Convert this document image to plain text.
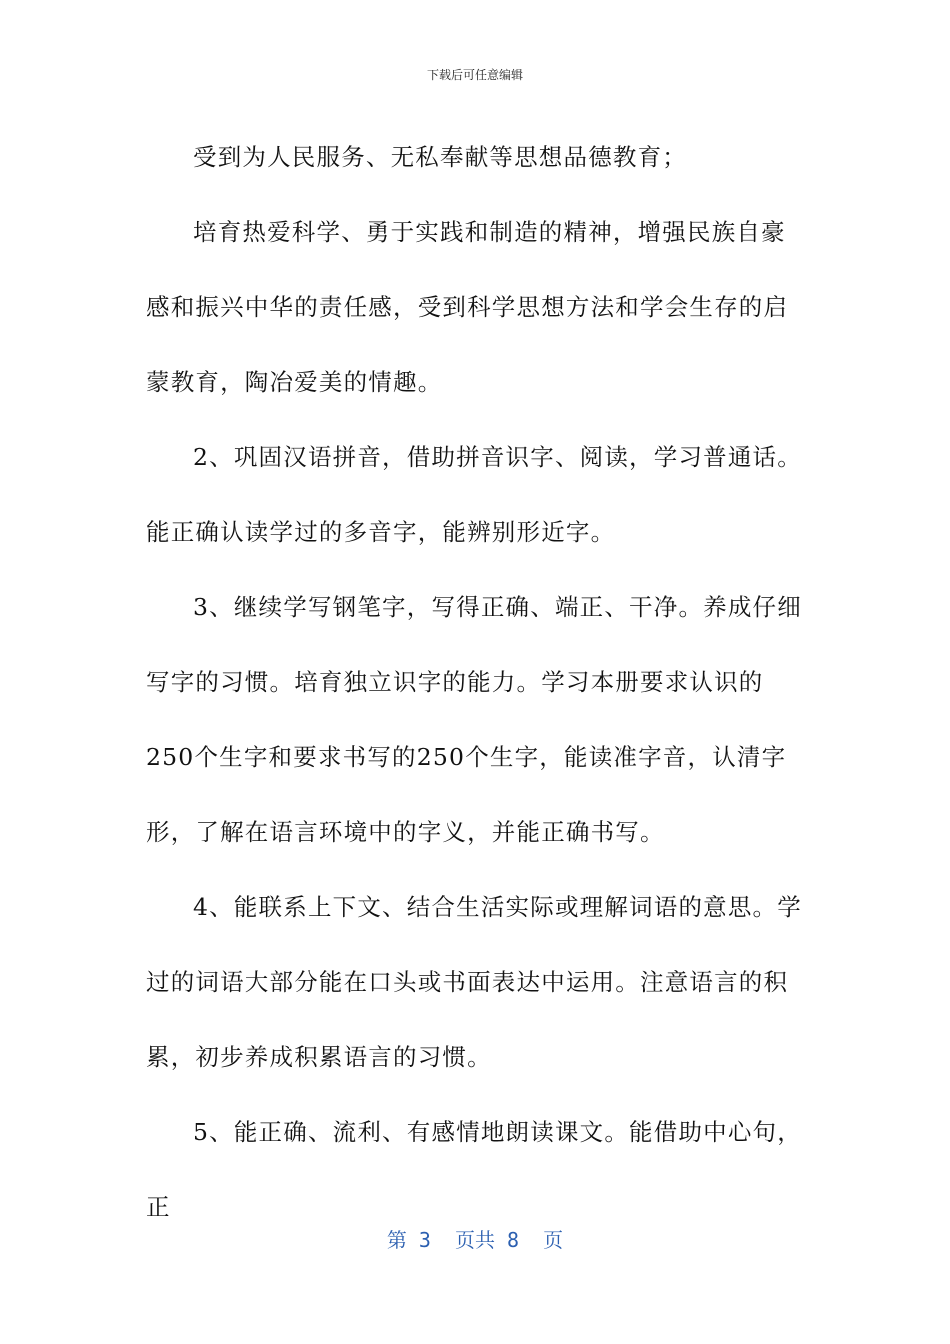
下载后可任意编辑

受到为人民服务、无私奉献等思想品德教育；

培育热爱科学、勇于实践和制造的精神，增强民族自豪感和振兴中华的责任感，受到科学思想方法和学会生存的启蒙教育，陶冶爱美的情趣。

2、巩固汉语拼音，借助拼音识字、阅读，学习普通话。能正确认读学过的多音字，能辨别形近字。

3、继续学写钢笔字，写得正确、端正、干净。养成仔细写字的习惯。培育独立识字的能力。学习本册要求认识的250个生字和要求书写的250个生字，能读准字音，认清字形，了解在语言环境中的字义，并能正确书写。

4、能联系上下文、结合生活实际或理解词语的意思。学过的词语大部分能在口头或书面表达中运用。注意语言的积累，初步养成积累语言的习惯。

5、能正确、流利、有感情地朗读课文。能借助中心句，正

第 3  页共 8  页
